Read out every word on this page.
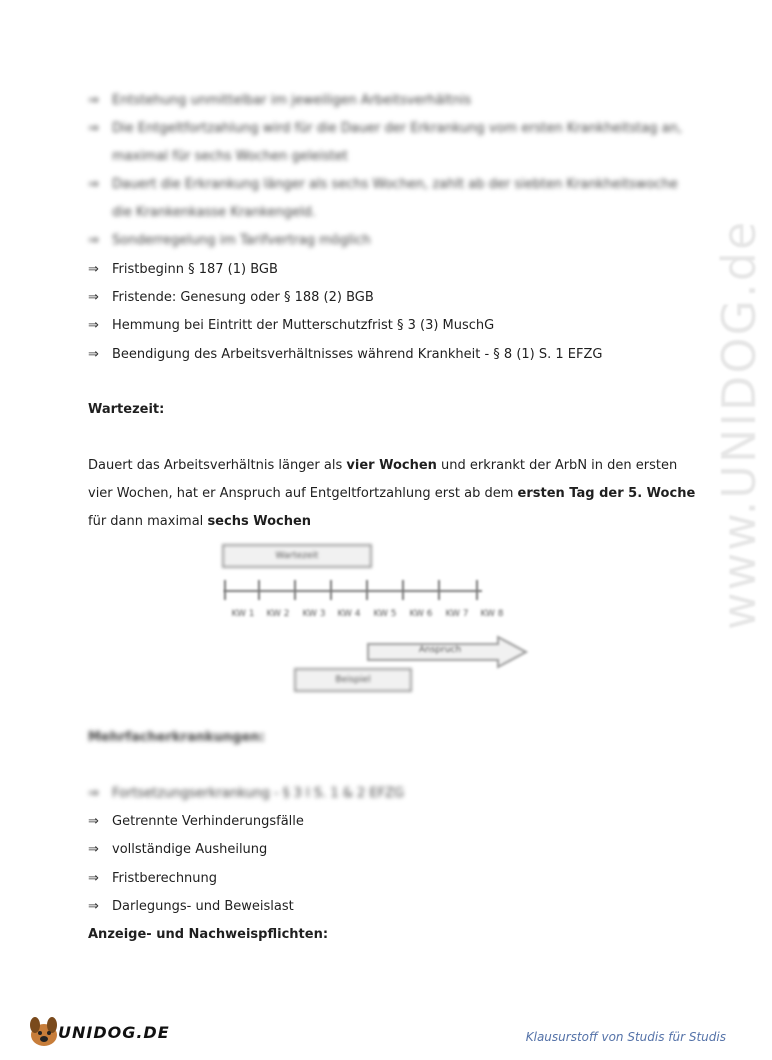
www.UNIDOG.de
⇒ Entstehung unmittelbar im jeweiligen Arbeitsverhältnis
⇒ Die Entgeltfortzahlung wird für die Dauer der Erkrankung vom ersten Krankheitstag an,
maximal für sechs Wochen geleistet
⇒ Dauert die Erkrankung länger als sechs Wochen, zahlt ab der siebten Krankheitswoche
die Krankenkasse Krankengeld.
⇒ Sonderregelung im Tarifvertrag möglich
⇒ Fristbeginn § 187 (1) BGB
⇒ Fristende: Genesung oder § 188 (2) BGB
⇒ Hemmung bei Eintritt der Mutterschutzfrist § 3 (3) MuschG
⇒ Beendigung des Arbeitsverhältnisses während Krankheit - § 8 (1) S. 1 EFZG
Wartezeit:
Dauert das Arbeitsverhältnis länger als vier Wochen und erkrankt der ArbN in den ersten
vier Wochen, hat er Anspruch auf Entgeltfortzahlung erst ab dem ersten Tag der 5. Woche
für dann maximal sechs Wochen
Wartezeit
KW 1	KW 2	KW 3	KW 4	KW 5	KW 6	KW 7	KW 8
Anspruch
Beispiel
Mehrfacherkrankungen:
⇒ Fortsetzungserkrankung - § 3 I S. 1 & 2 EFZG
⇒ Getrennte Verhinderungsfälle
⇒ vollständige Ausheilung
⇒ Fristberechnung
⇒ Darlegungs- und Beweislast
Anzeige- und Nachweispflichten:
UNIDOG.DE	Klausurstoff von Studis für Studis
